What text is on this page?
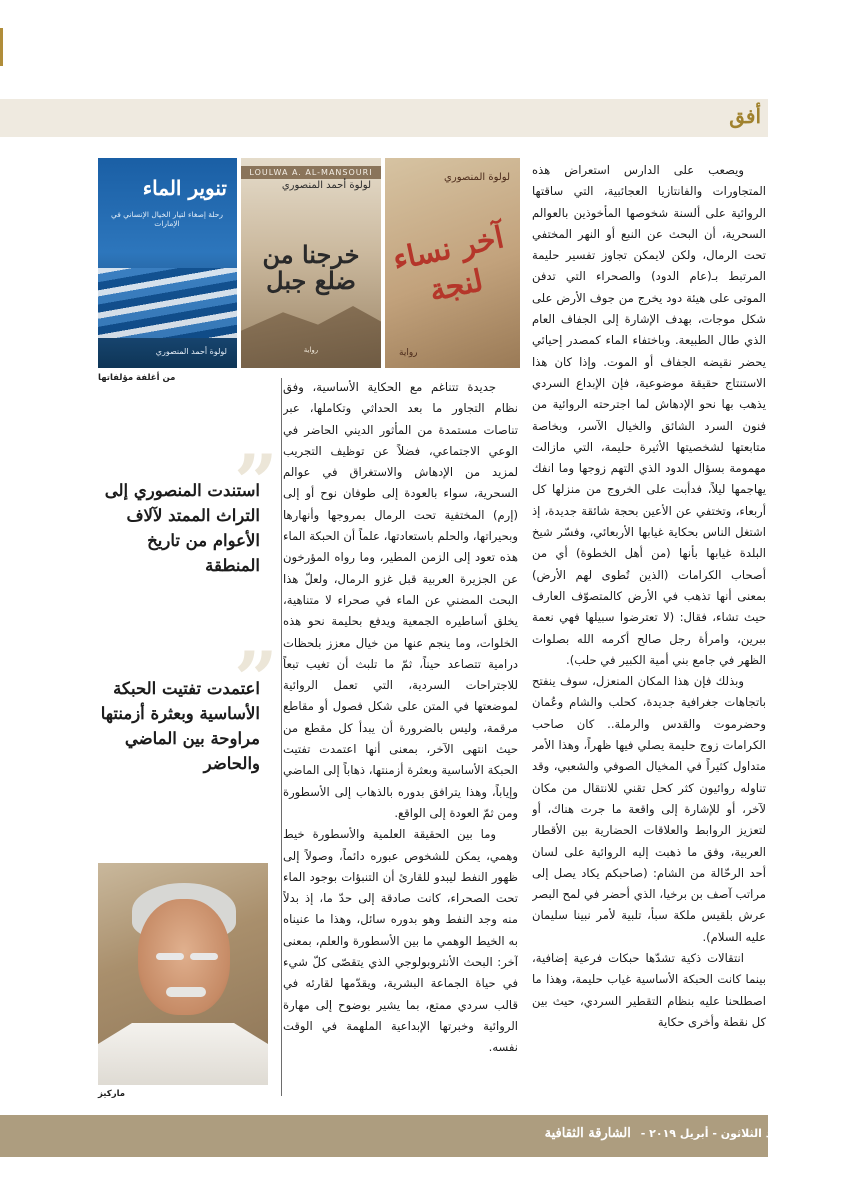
أفق

ويصعب على الدارس استعراض هذه المتجاورات والفانتازيا العجائبية، التي ساقتها الروائية على ألسنة شخوصها المأخوذين بالعوالم السحرية، أن البحث عن النبع أو النهر المختفي تحت الرمال، ولكن لايمكن تجاوز تفسير حليمة المرتبط بـ(عام الدود) والصحراء التي تدفن الموتى على هيئة دود يخرج من جوف الأرض على شكل موجات، بهدف الإشارة إلى الجفاف العام الذي طال الطبيعة. وباختفاء الماء كمصدر إحيائي يحضر نقيضه الجفاف أو الموت. وإذا كان هذا الاستنتاج حقيقة موضوعية، فإن الإبداع السردي يذهب بها نحو الإدهاش لما اجترحته الروائية من فنون السرد الشائق والخيال الآسر، وبخاصة متابعتها لشخصيتها الأثيرة حليمة، التي مازالت مهمومة بسؤال الدود الذي التهم زوجها وما انفك يهاجمها ليلاً، فدأبت على الخروج من منزلها كل أربعاء، وتختفي عن الأعين بحجة شائقة جديدة، إذ اشتغل الناس بحكاية غيابها الأربعائي، وفسّر شيخ البلدة غيابها بأنها (من أهل الخطوة) أي من أصحاب الكرامات (الذين تُطوى لهم الأرض) بمعنى أنها تذهب في الأرض كالمتصوّف العارف حيث تشاء، فقال: (لا تعترضوا سبيلها فهي نعمة ببرين، وامرأة رجل صالح أكرمه الله بصلوات الظهر في جامع بني أمية الكبير في حلب).

وبذلك فإن هذا المكان المنعزل، سوف ينفتح باتجاهات جغرافية جديدة، كحلب والشام وعُمان وحضرموت والقدس والرملة.. كان صاحب الكرامات زوج حليمة يصلي فيها ظهراً، وهذا الأمر متداول كثيراً في المخيال الصوفي والشعبي، وقد تناوله روائيون كثر كحل تقني للانتقال من مكان لآخر، أو للإشارة إلى واقعة ما جرت هناك، أو لتعزيز الروابط والعلاقات الحضارية بين الأقطار العربية، وفق ما ذهبت إليه الروائية على لسان أحد الرحّالة من الشام: (صاحبكم يكاد يصل إلى مراتب آصف بن برخيا، الذي أحضر في لمح البصر عرش بلقيس ملكة سبأ، تلبية لأمر نبينا سليمان عليه السلام).

انتقالات ذكية تشدّها حبكات فرعية إضافية، بينما كانت الحبكة الأساسية غياب حليمة، وهذا ما اصطلحنا عليه بنظام التقطير السردي، حيث بين كل نقطة وأخرى حكاية

لولوة المنصوري
آخر نساء لنجة
رواية
LOULWA A. AL-MANSOURI
لولوة أحمد المنصوري
خرجنا من ضلع جبل
رواية
تنوير الماء
رحلة إصغاء لتيار الخيال الإنساني في الإمارات
لولوة أحمد المنصوري
من أغلفة مؤلفاتها

جديدة تتناغم مع الحكاية الأساسية، وفق نظام التجاور ما بعد الحداثي وتكاملها، عبر تناصات مستمدة من المأثور الديني الحاضر في الوعي الاجتماعي، فضلاً عن توظيف التجريب لمزيد من الإدهاش والاستغراق في عوالم السحرية، سواء بالعودة إلى طوفان نوح أو إلى (إرم) المختفية تحت الرمال بمروجها وأنهارها وبحيراتها، والحلم باستعادتها، علماً أن الحبكة الماء هذه تعود إلى الزمن المطير، وما رواه المؤرخون عن الجزيرة العربية قبل غزو الرمال، ولعلّ هذا البحث المضني عن الماء في صحراء لا متناهية، يخلق أساطيره الجمعية ويدفع بحليمة نحو هذه الخلوات، وما ينجم عنها من خيال معزز بلحظات درامية تتصاعد حيناً، ثمّ ما تلبث أن تغيب تبعاً للاجتراحات السردية، التي تعمل الروائية لموضعتها في المتن على شكل فصول أو مقاطع مرقمة، وليس بالضرورة أن يبدأ كل مقطع من حيث انتهى الآخر، بمعنى أنها اعتمدت تفتيت الحبكة الأساسية وبعثرة أزمنتها، ذهاباً إلى الماضي وإياباً، وهذا يترافق بدوره بالذهاب إلى الأسطورة ومن ثمّ العودة إلى الواقع.

وما بين الحقيقة العلمية والأسطورة خيط وهمي، يمكن للشخوص عبوره دائماً، وصولاً إلى ظهور النفط ليبدو للقارئ أن التنبؤات بوجود الماء تحت الصحراء، كانت صادقة إلى حدّ ما، إذ بدلاً منه وجد النفط وهو بدوره سائل، وهذا ما عنيناه به الخيط الوهمي ما بين الأسطورة والعلم، بمعنى آخر: البحث الأنثروبولوجي الذي يتقصّى كلّ شيء في حياة الجماعة البشرية، ويقدّمها لقارئه في قالب سردي ممتع، بما يشير بوضوح إلى مهارة الروائية وخبرتها الإبداعية الملهمة في الوقت نفسه.

”
استندت المنصوري إلى التراث الممتد لآلاف الأعوام من تاريخ المنطقة
”
اعتمدت تفتيت الحبكة الأساسية وبعثرة أزمنتها مراوحة بين الماضي والحاضر
ماركيز
86 العدد الثلاثون - أبريل ٢٠١٩ - الشارقة الثقافية
